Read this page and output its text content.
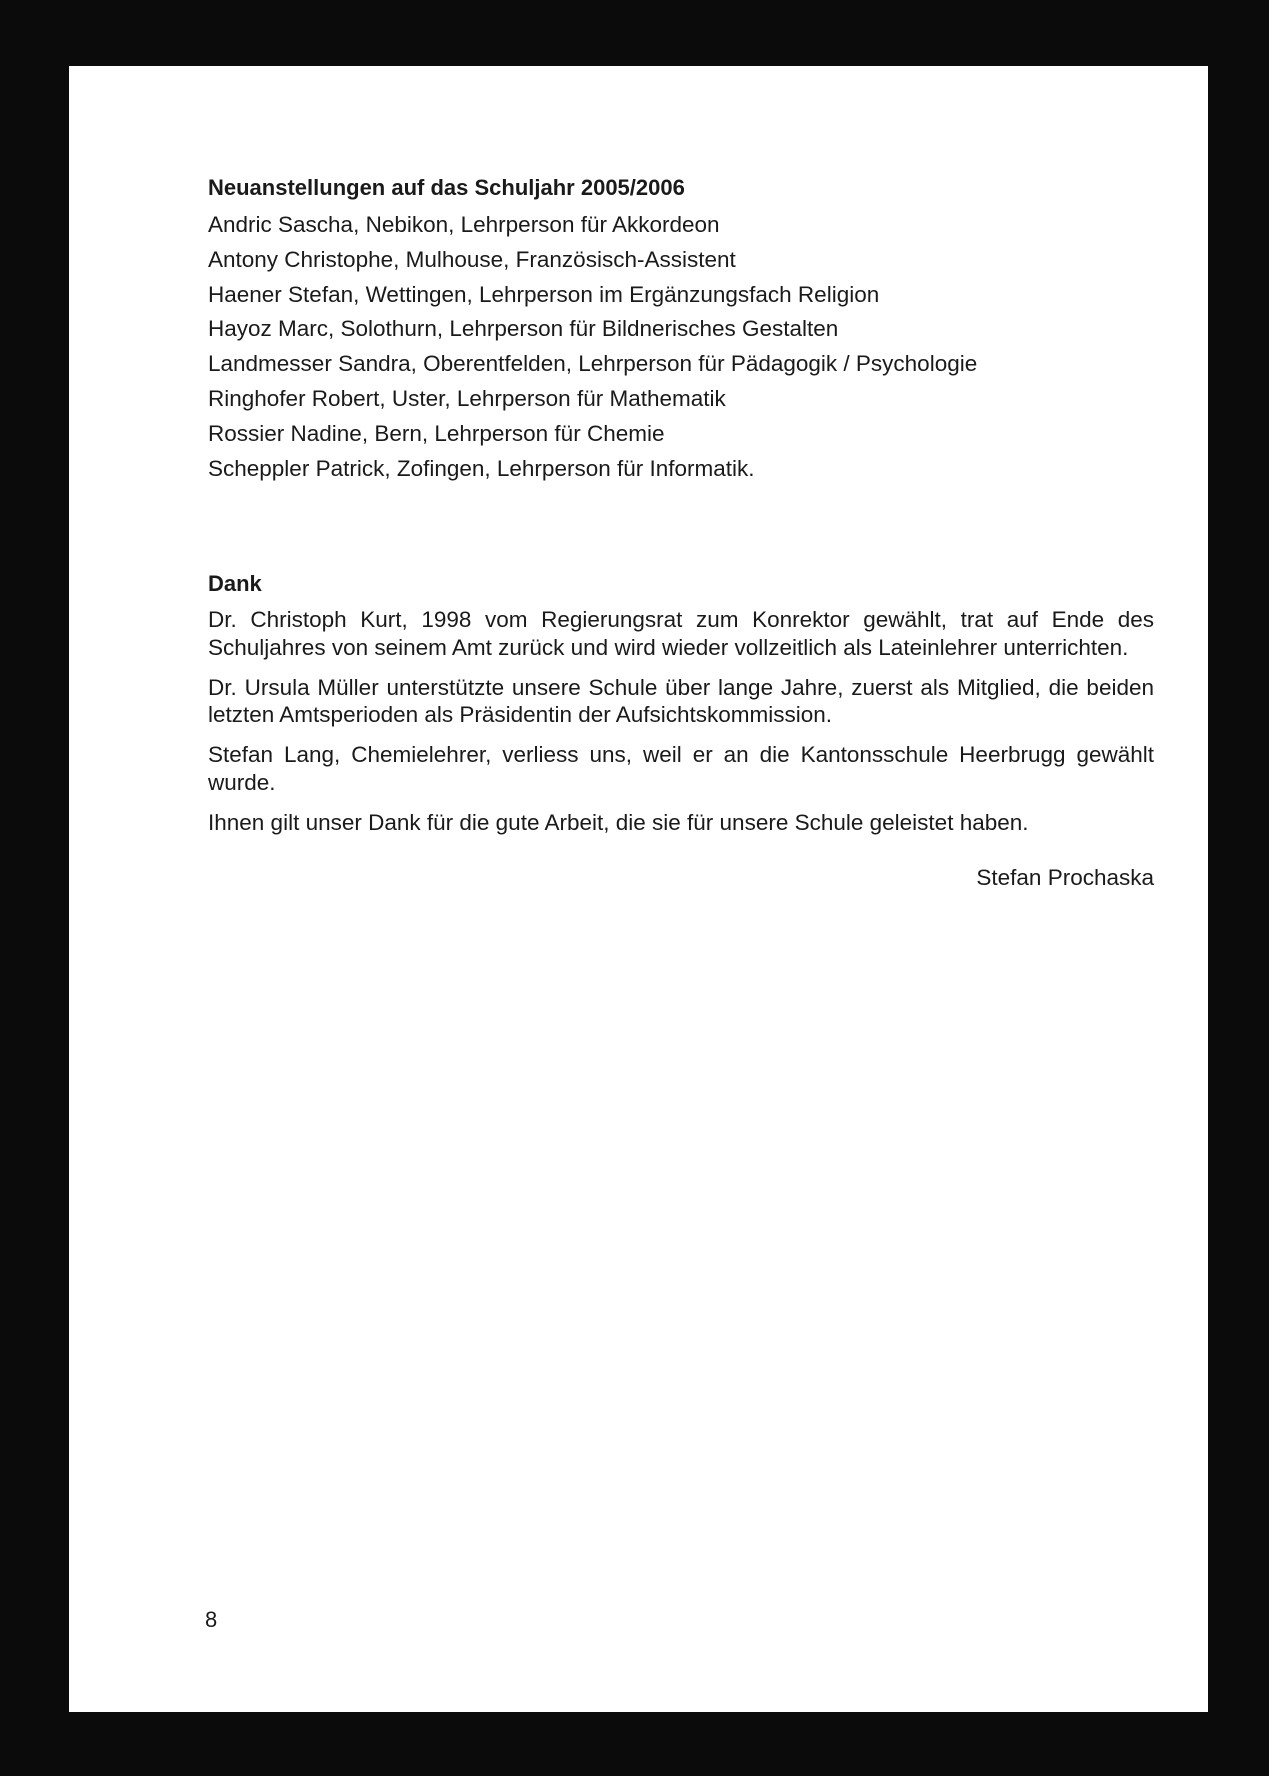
Neuanstellungen auf das Schuljahr 2005/2006
Andric Sascha, Nebikon, Lehrperson für Akkordeon
Antony Christophe, Mulhouse, Französisch-Assistent
Haener Stefan, Wettingen, Lehrperson im Ergänzungsfach Religion
Hayoz Marc, Solothurn, Lehrperson für Bildnerisches Gestalten
Landmesser Sandra, Oberentfelden, Lehrperson für Pädagogik / Psychologie
Ringhofer Robert, Uster, Lehrperson für Mathematik
Rossier Nadine, Bern, Lehrperson für Chemie
Scheppler Patrick, Zofingen, Lehrperson für Informatik.
Dank

Dr. Christoph Kurt, 1998 vom Regierungsrat zum Konrektor gewählt, trat auf Ende des Schuljahres von seinem Amt zurück und wird wieder vollzeitlich als Lateinlehrer unterrichten.

Dr. Ursula Müller unterstützte unsere Schule über lange Jahre, zuerst als Mitglied, die beiden letzten Amtsperioden als Präsidentin der Aufsichtskommission.

Stefan Lang, Chemielehrer, verliess uns, weil er an die Kantonsschule Heerbrugg gewählt wurde.

Ihnen gilt unser Dank für die gute Arbeit, die sie für unsere Schule geleistet haben.

Stefan Prochaska
8
